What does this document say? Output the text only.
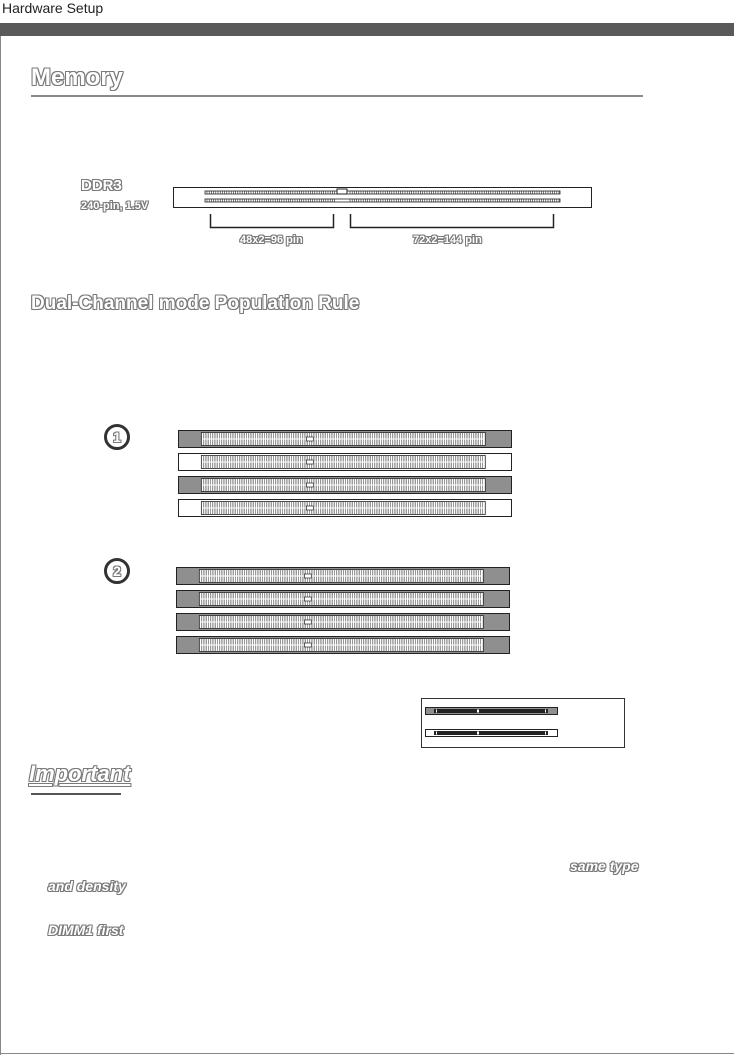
Hardware Setup
Memory
DDR3
240-pin, 1.5V
48x2=96 pin	72x2=144 pin
Dual-Channel mode Population Rule
1
2
Important
same type
and density
DIMM1 first
